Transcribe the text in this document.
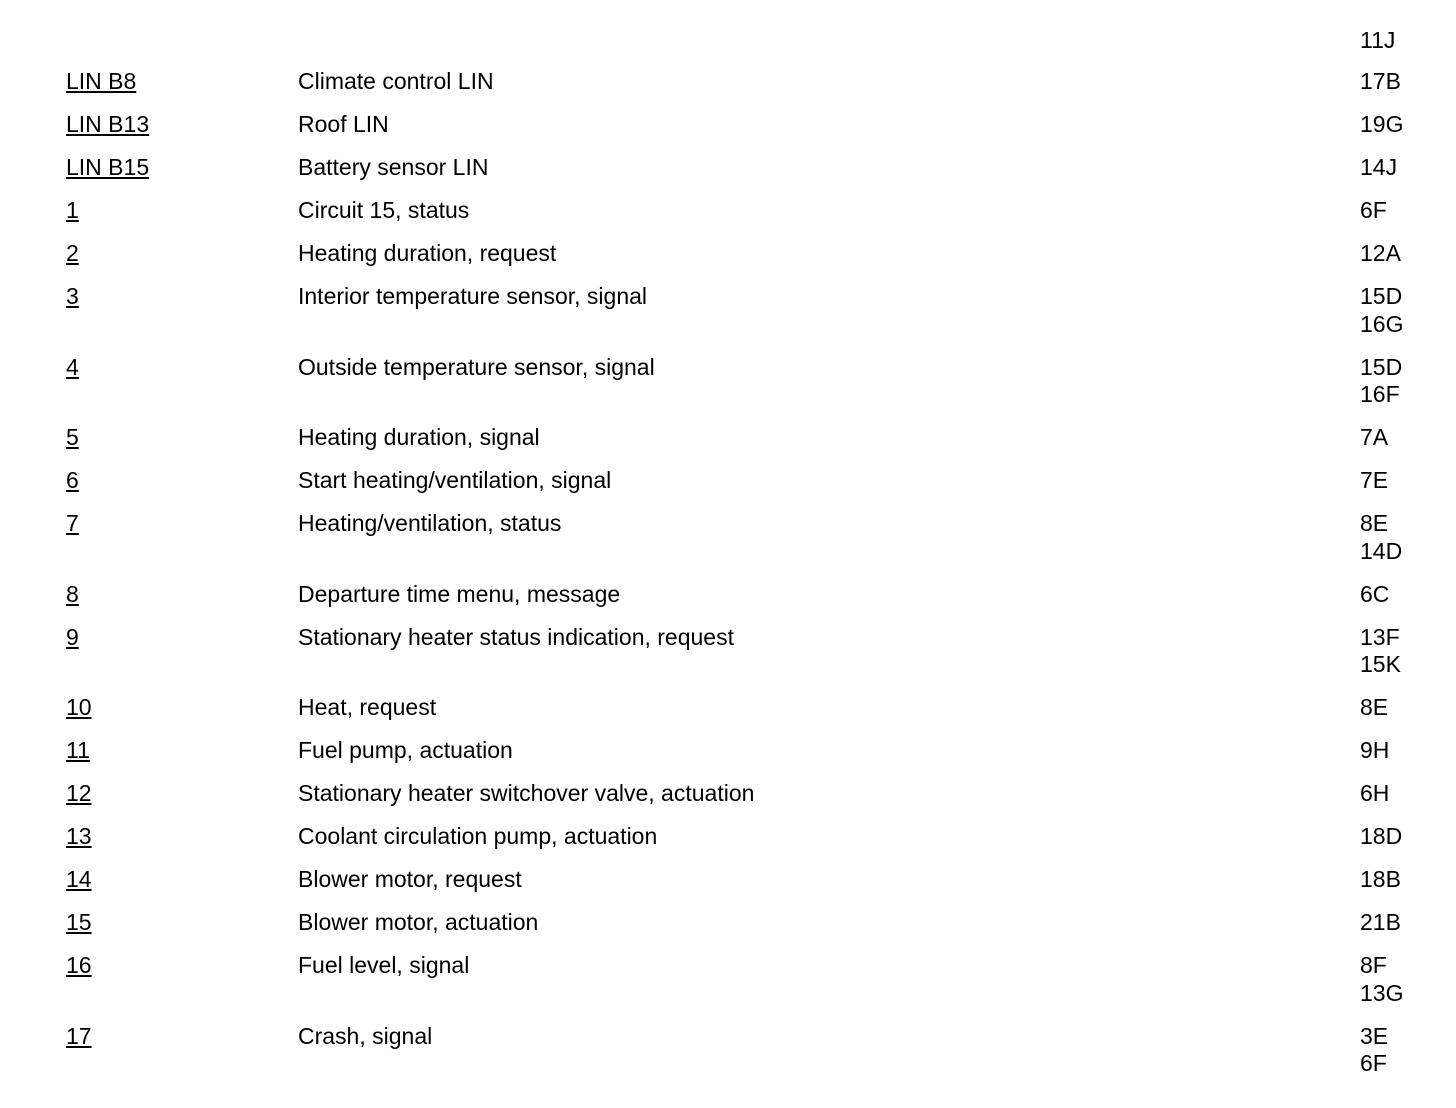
11J
LIN B8	Climate control LIN	17B
LIN B13	Roof LIN	19G
LIN B15	Battery sensor LIN	14J
1	Circuit 15, status	6F
2	Heating duration, request	12A
3	Interior temperature sensor, signal	15D
16G
4	Outside temperature sensor, signal	15D
16F
5	Heating duration, signal	7A
6	Start heating/ventilation, signal	7E
7	Heating/ventilation, status	8E
14D
8	Departure time menu, message	6C
9	Stationary heater status indication, request	13F
15K
10	Heat, request	8E
11	Fuel pump, actuation	9H
12	Stationary heater switchover valve, actuation	6H
13	Coolant circulation pump, actuation	18D
14	Blower motor, request	18B
15	Blower motor, actuation	21B
16	Fuel level, signal	8F
13G
17	Crash, signal	3E
6F
